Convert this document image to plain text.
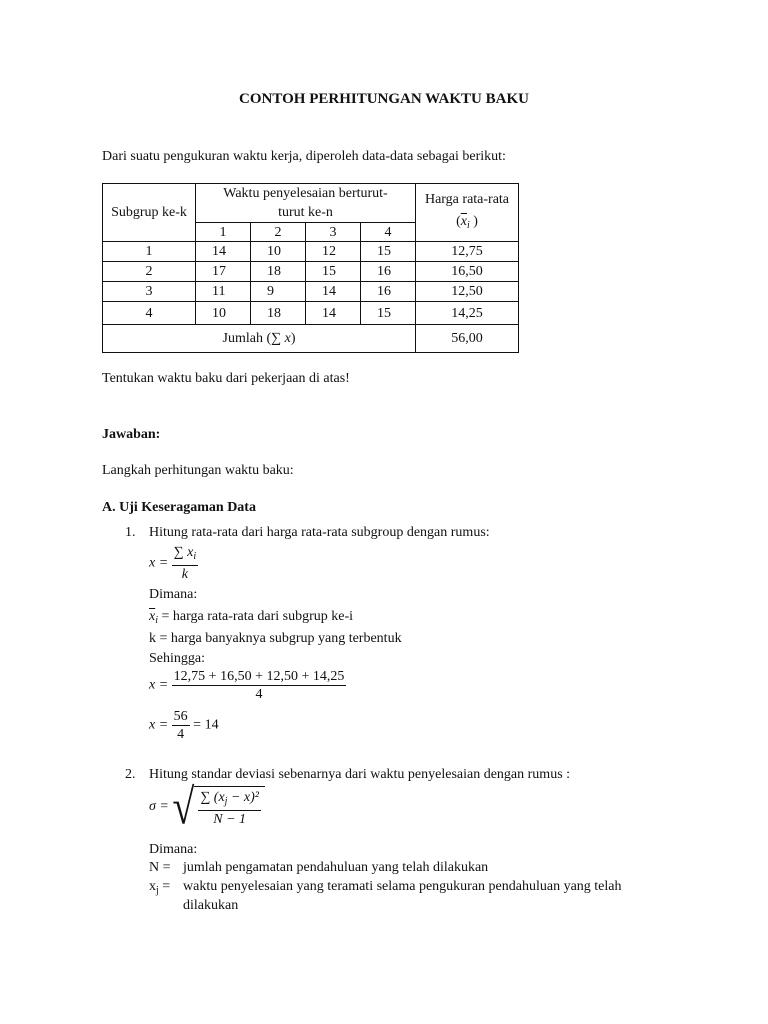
CONTOH PERHITUNGAN WAKTU BAKU
Dari suatu pengukuran waktu kerja, diperoleh data-data sebagai berikut:
Subgrup ke-k	Waktu penyelesaian berturut-turut ke-n				Harga rata-rata ($\overline{x}_i$ )
	1	2	3	4	
1	14	10	12	15	12,75
2	17	18	15	16	16,50
3	11	9	14	16	12,50
4	10	18	14	15	14,25
Jumlah (∑ x)					56,00
Tentukan waktu baku dari pekerjaan di atas!
Jawaban:
Langkah perhitungan waktu baku:
A. Uji Keseragaman Data
1. Hitung rata-rata dari harga rata-rata subgroup dengan rumus:
$x = \frac{\sum x_i}{k}$
Dimana:
$\overline{x}_i$ = harga rata-rata dari subgrup ke-i
k = harga banyaknya subgrup yang terbentuk
Sehingga:
$x = \frac{12,75 + 16,50 + 12,50 + 14,25}{4}$
$x = \frac{56}{4} = 14$
2. Hitung standar deviasi sebenarnya dari waktu penyelesaian dengan rumus :
σ = √ $\frac{\sum (x_j - x)^2}{N - 1}$
Dimana:
N = jumlah pengamatan pendahuluan yang telah dilakukan
$x_j$ = waktu penyelesaian yang teramati selama pengukuran pendahuluan yang telah
dilakukan
